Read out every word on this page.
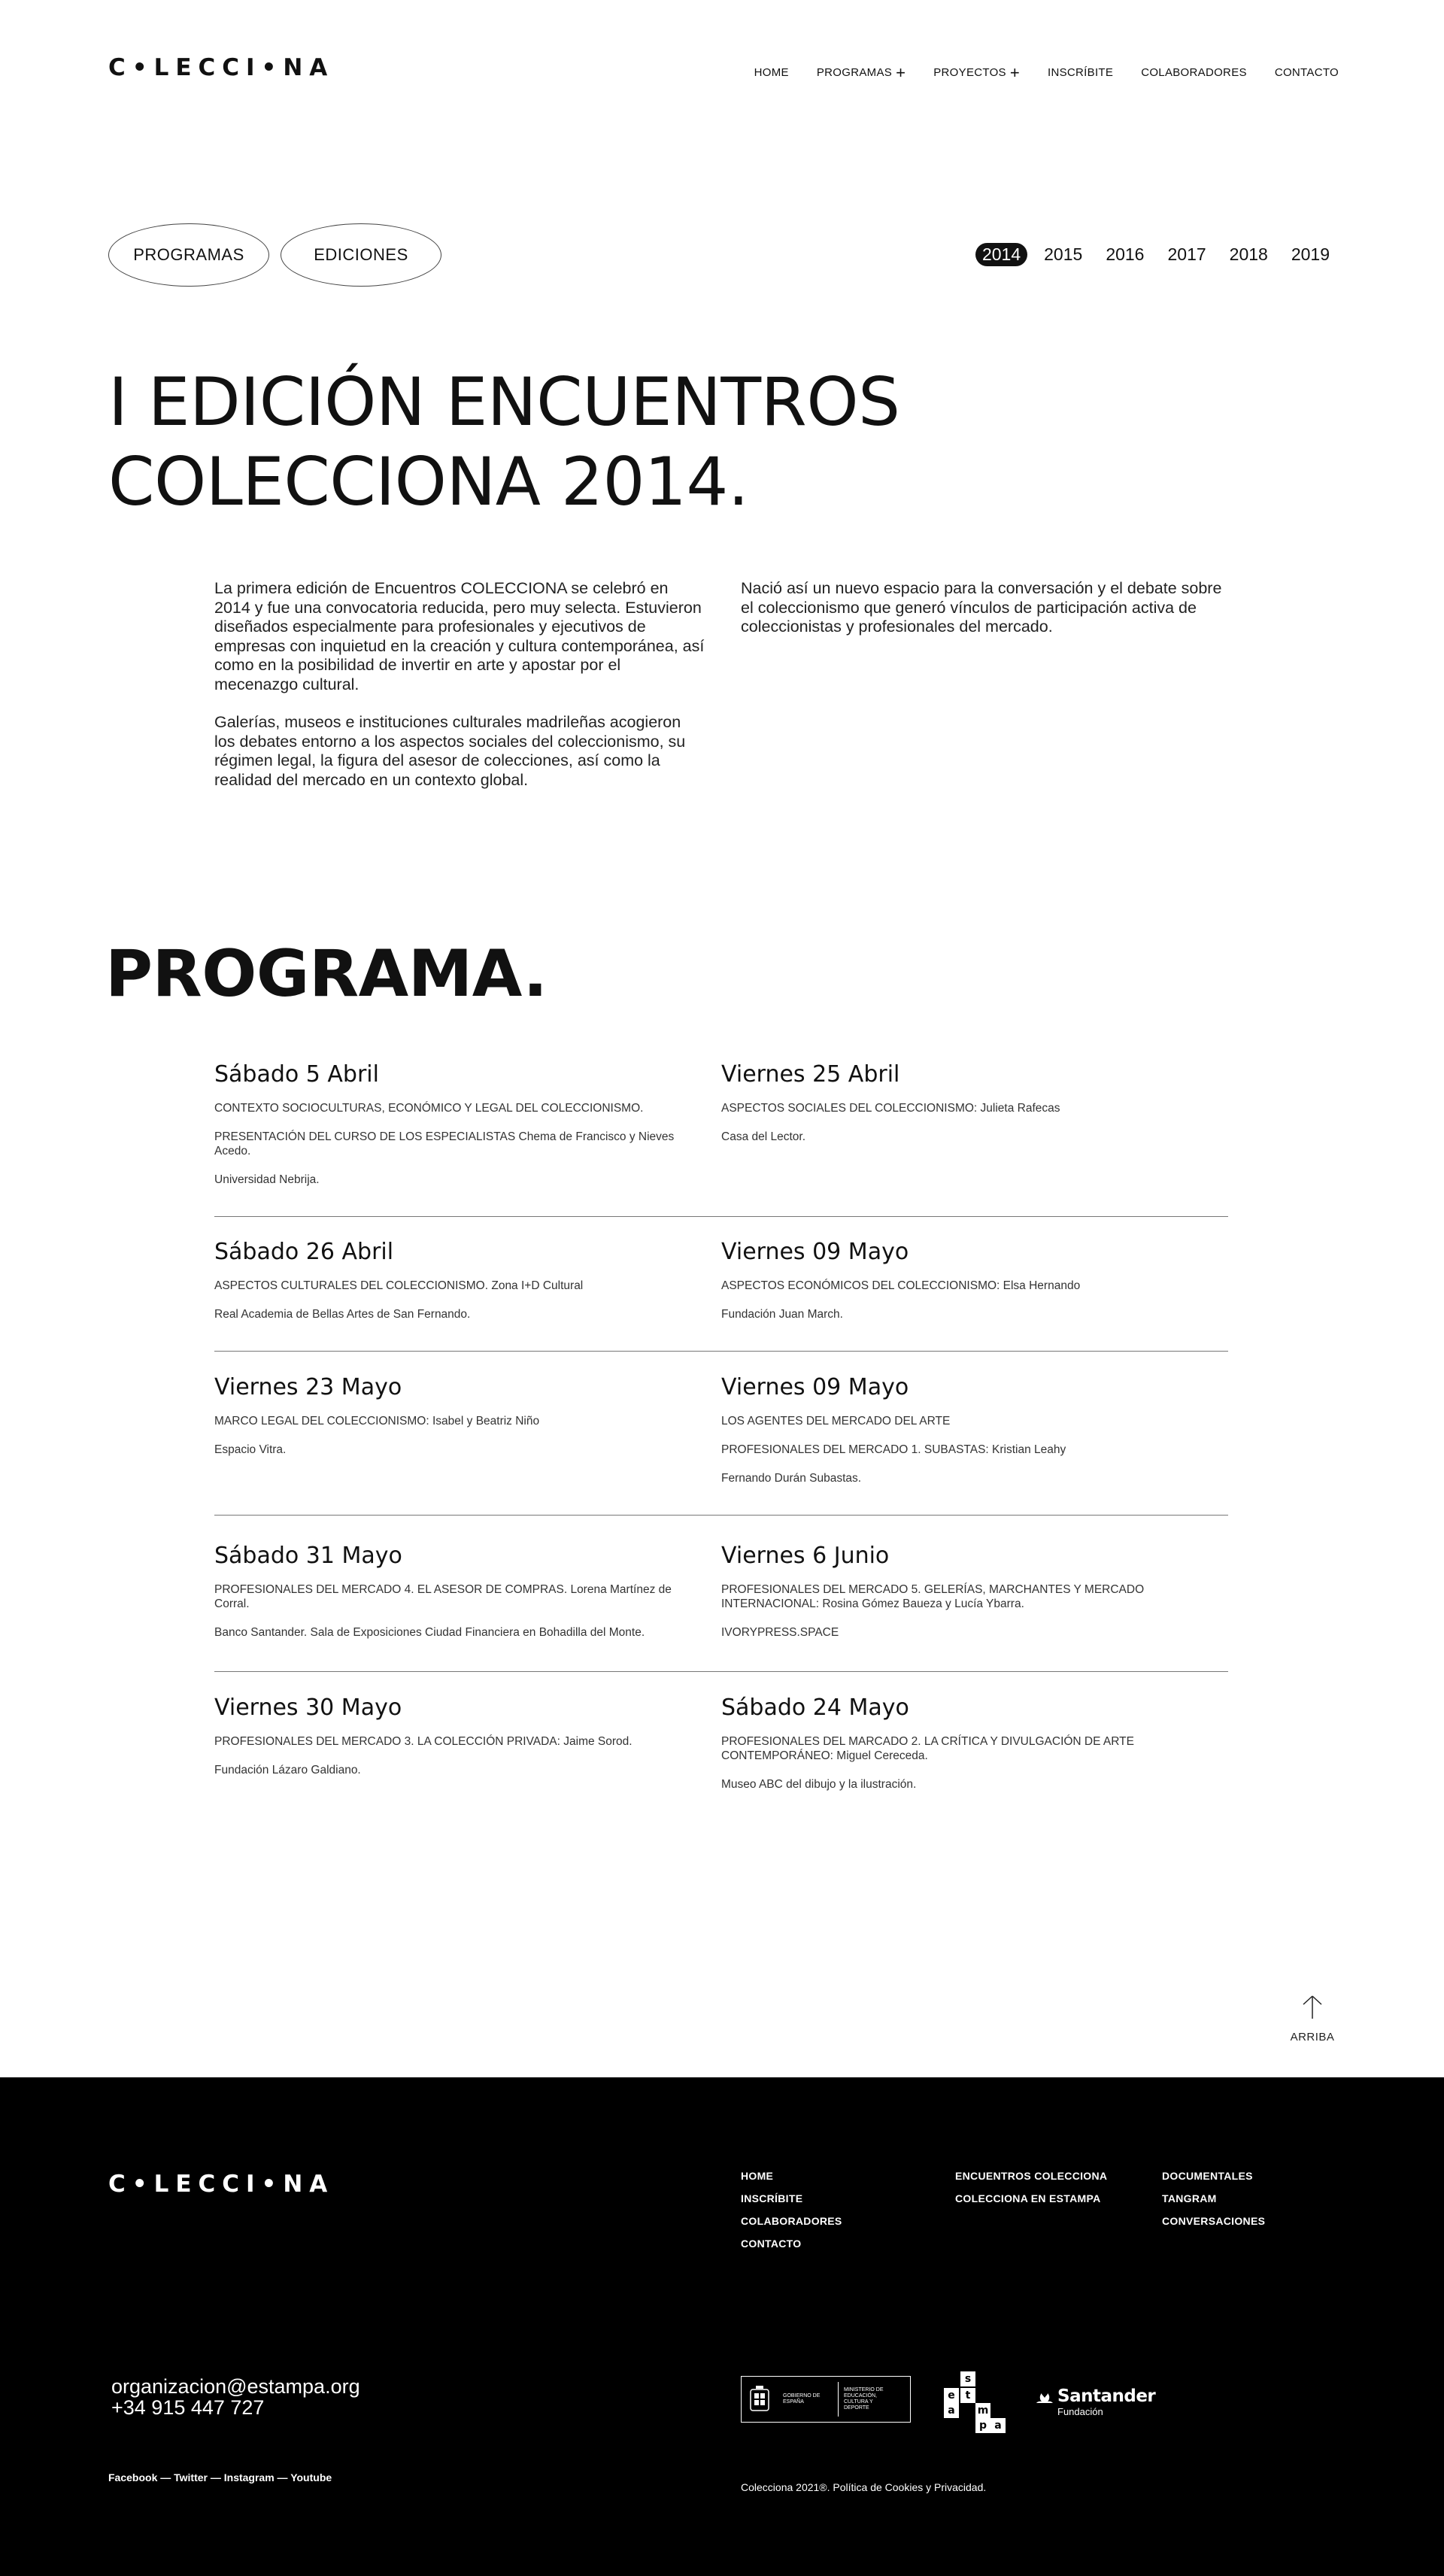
C•LECCI•NA	HOME PROGRAMAS + PROYECTOS + INSCRÍBITE COLABORADORES CONTACTO
PROGRAMAS	EDICIONES	2014	2015	2016	2017	2018	2019
I EDICIÓN ENCUENTROS
COLECCIONA 2014.

La primera edición de Encuentros COLECCIONA se celebró en 2014 y fue una convocatoria reducida, pero muy selecta. Estuvieron diseñados especialmente para profesionales y ejecutivos de empresas con inquietud en la creación y cultura contemporánea, así como en la posibilidad de invertir en arte y apostar por el mecenazgo cultural.

Galerías, museos e instituciones culturales madrileñas acogieron los debates entorno a los aspectos sociales del coleccionismo, su régimen legal, la figura del asesor de colecciones, así como la realidad del mercado en un contexto global.

Nació así un nuevo espacio para la conversación y el debate sobre el coleccionismo que generó vínculos de participación activa de coleccionistas y profesionales del mercado.

PROGRAMA.
Sábado 5 Abril
CONTEXTO SOCIOCULTURAS, ECONÓMICO Y LEGAL DEL COLECCIONISMO.
PRESENTACIÓN DEL CURSO DE LOS ESPECIALISTAS Chema de Francisco y Nieves Acedo.
Universidad Nebrija.
Viernes 25 Abril
ASPECTOS SOCIALES DEL COLECCIONISMO: Julieta Rafecas
Casa del Lector.
Sábado 26 Abril
ASPECTOS CULTURALES DEL COLECCIONISMO. Zona I+D Cultural
Real Academia de Bellas Artes de San Fernando.
Viernes 09 Mayo
ASPECTOS ECONÓMICOS DEL COLECCIONISMO: Elsa Hernando
Fundación Juan March.
Viernes 23 Mayo
MARCO LEGAL DEL COLECCIONISMO: Isabel y Beatriz Niño
Espacio Vitra.
Viernes 09 Mayo
LOS AGENTES DEL MERCADO DEL ARTE
PROFESIONALES DEL MERCADO 1. SUBASTAS: Kristian Leahy
Fernando Durán Subastas.
Sábado 31 Mayo
PROFESIONALES DEL MERCADO 4. EL ASESOR DE COMPRAS. Lorena Martínez de Corral.
Banco Santander. Sala de Exposiciones Ciudad Financiera en Bohadilla del Monte.
Viernes 6 Junio
PROFESIONALES DEL MERCADO 5. GELERÍAS, MARCHANTES Y MERCADO INTERNACIONAL: Rosina Gómez Baueza y Lucía Ybarra.
IVORYPRESS.SPACE
Viernes 30 Mayo
PROFESIONALES DEL MERCADO 3. LA COLECCIÓN PRIVADA: Jaime Sorod.
Fundación Lázaro Galdiano.
Sábado 24 Mayo
PROFESIONALES DEL MARCADO 2. LA CRÍTICA Y DIVULGACIÓN DE ARTE CONTEMPORÁNEO: Miguel Cereceda.
Museo ABC del dibujo y la ilustración.
ARRIBA
C•LECCI•NA	HOME
INSCRÍBITE
COLABORADORES
CONTACTO
ENCUENTROS COLECCIONA
COLECCIONA EN ESTAMPA
DOCUMENTALES
TANGRAM
CONVERSACIONES
organizacion@estampa.org
+34 915 447 727
Facebook — Twitter — Instagram — Youtube
GOBIERNO DE ESPAÑA
MINISTERIO DE EDUCACIÓN, CULTURA Y DEPORTE
s
e t
a	m
p a
Santander
Fundación
Colecciona 2021®. Política de Cookies y Privacidad.
